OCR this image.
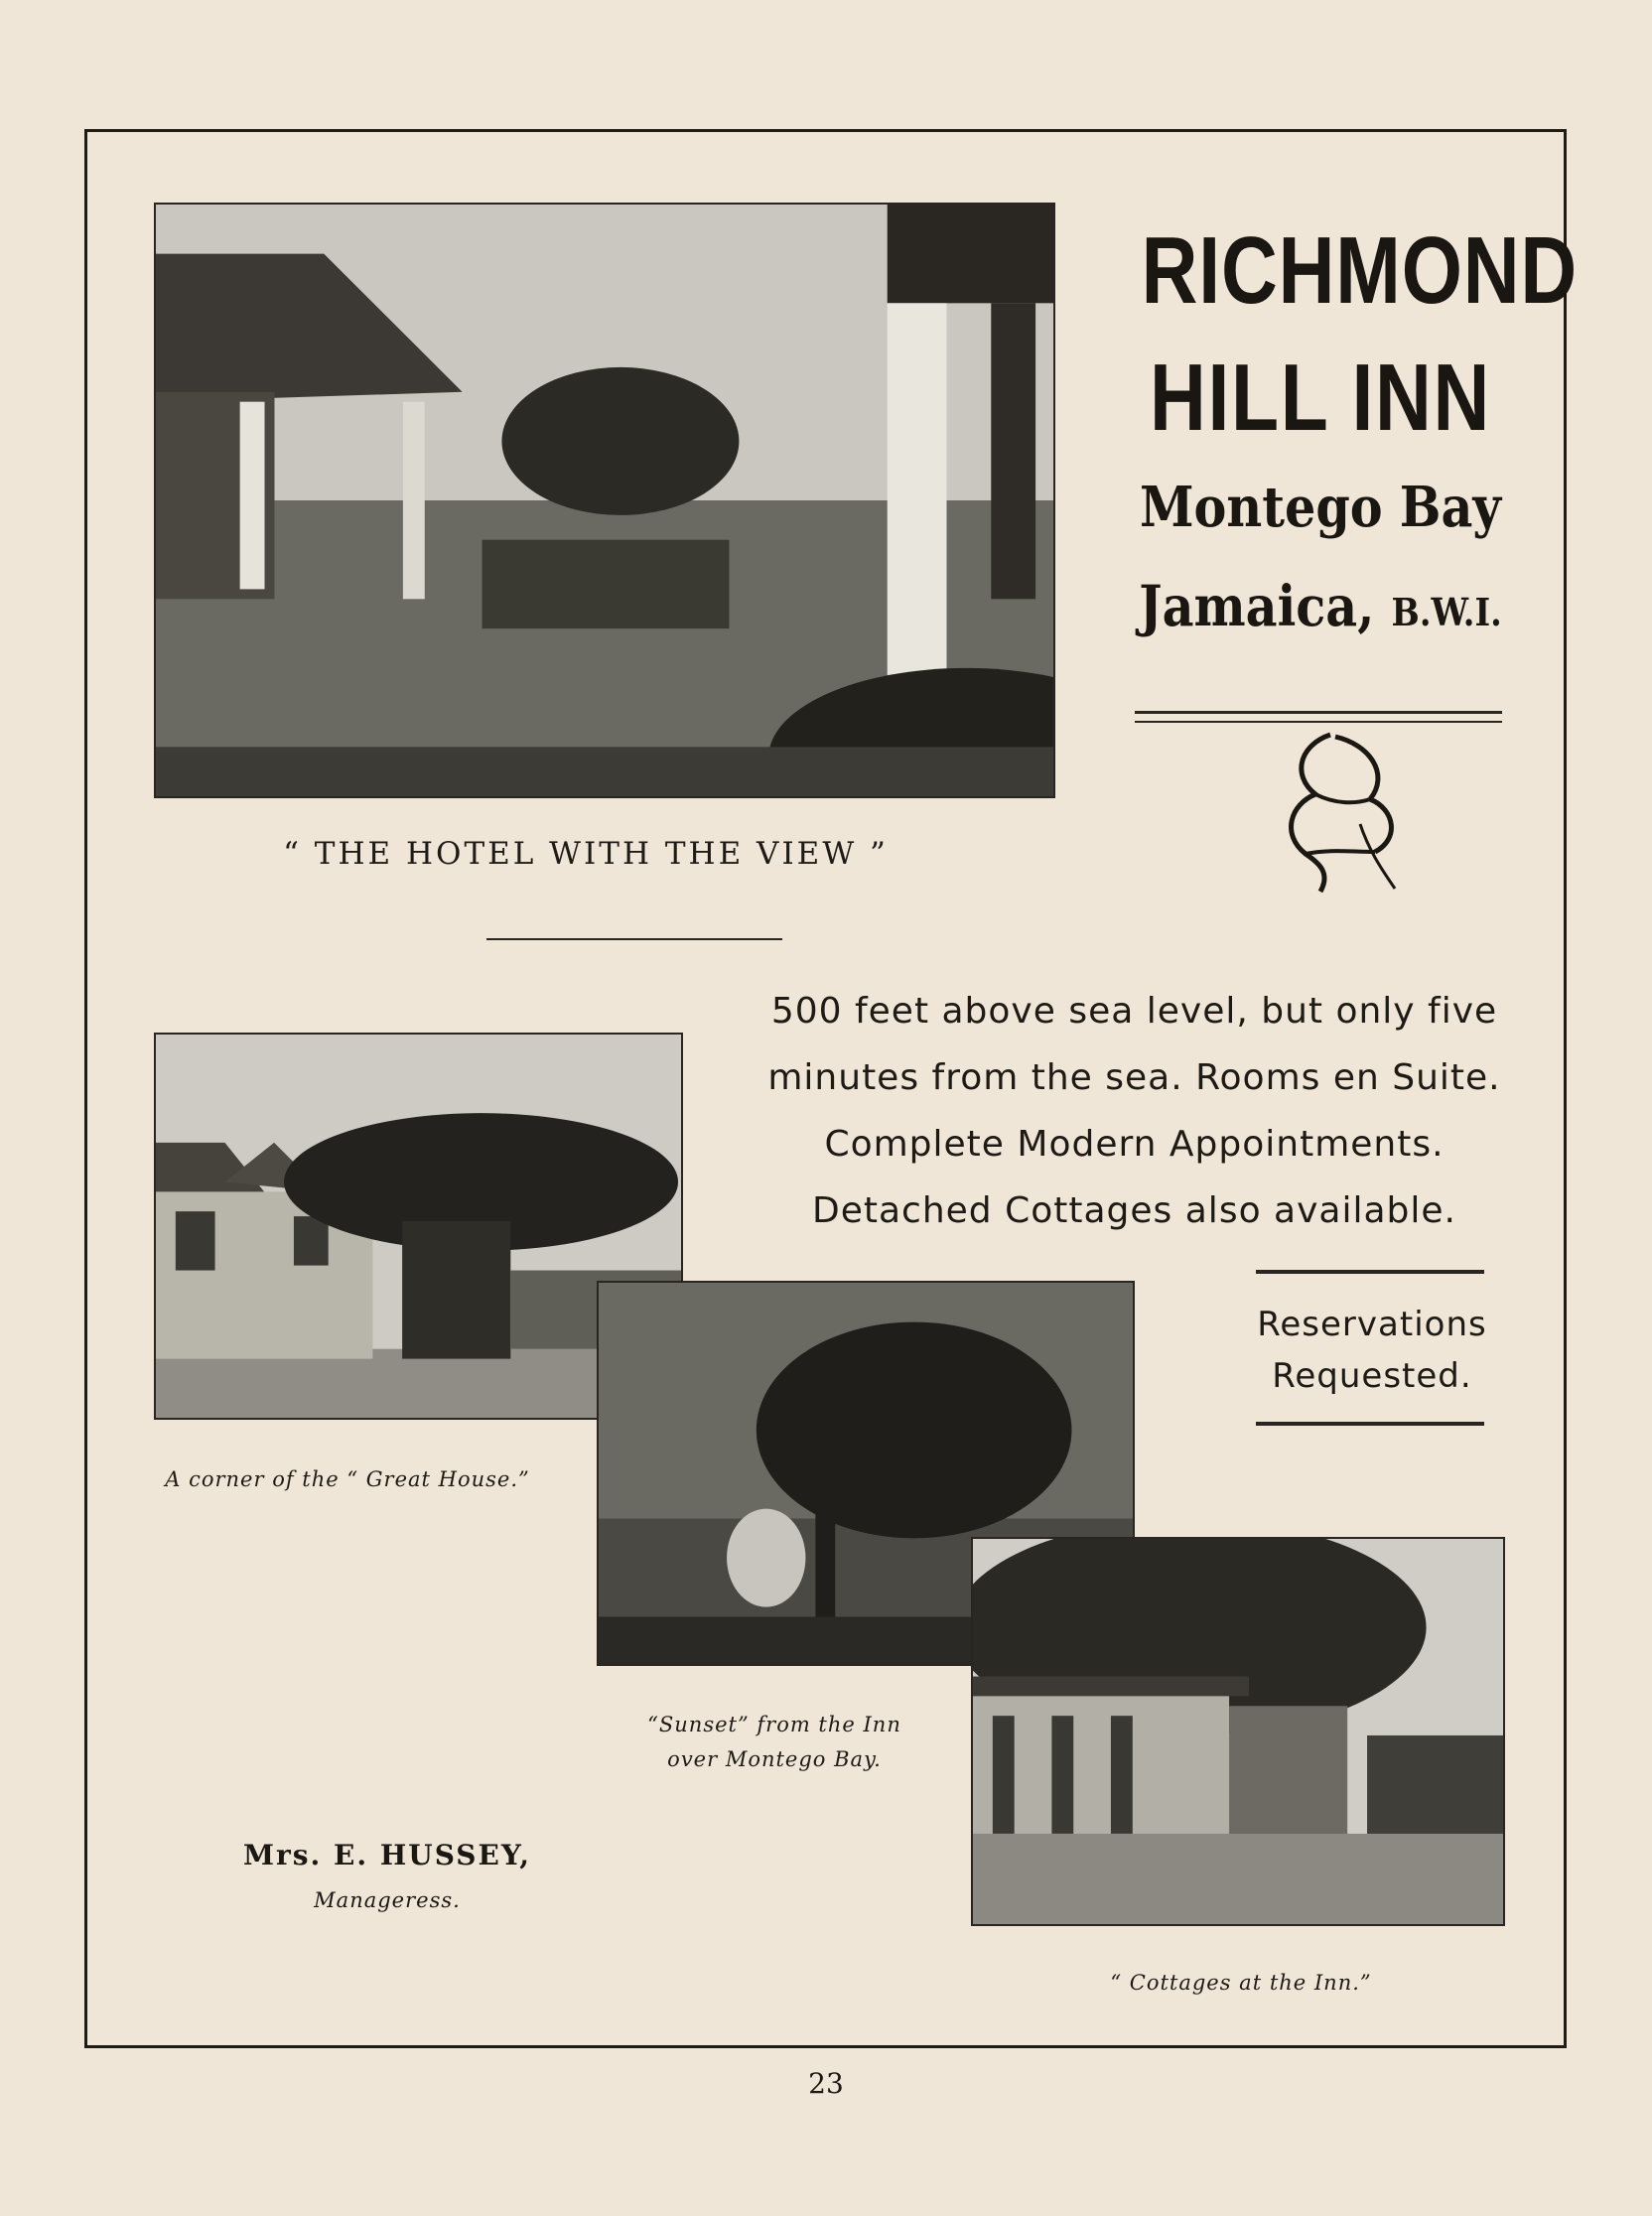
RICHMOND
HILL INN
Montego Bay
Jamaica, B.W.I.
“ THE HOTEL WITH THE VIEW ”
500 feet above sea level, but only five
minutes from the sea. Rooms en Suite.
Complete Modern Appointments.
Detached Cottages also available.
Reservations
Requested.
A corner of the “ Great House.”
“Sunset” from the Inn
over Montego Bay.
“ Cottages at the Inn.”
Mrs. E. HUSSEY,
Manageress.
23
